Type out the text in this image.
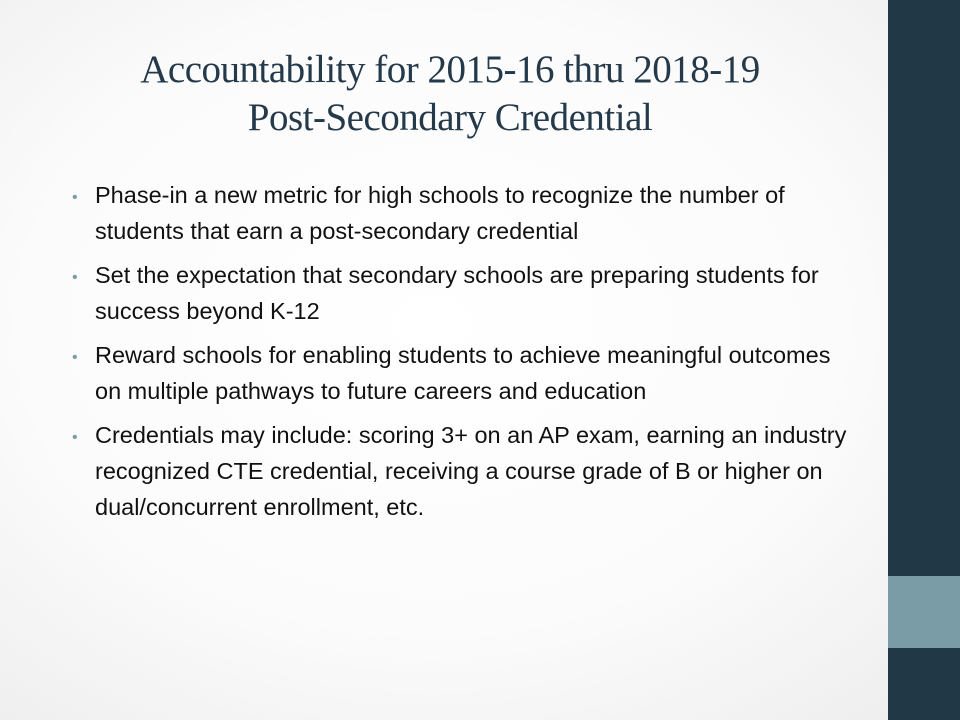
Accountability for 2015-16 thru 2018-19
Post-Secondary Credential
• Phase-in a new metric for high schools to recognize the number of students that earn a post-secondary credential
• Set the expectation that secondary schools are preparing students for success beyond K-12
• Reward schools for enabling students to achieve meaningful outcomes on multiple pathways to future careers and education
• Credentials may include: scoring 3+ on an AP exam, earning an industry recognized CTE credential, receiving a course grade of B or higher on dual/concurrent enrollment, etc.
